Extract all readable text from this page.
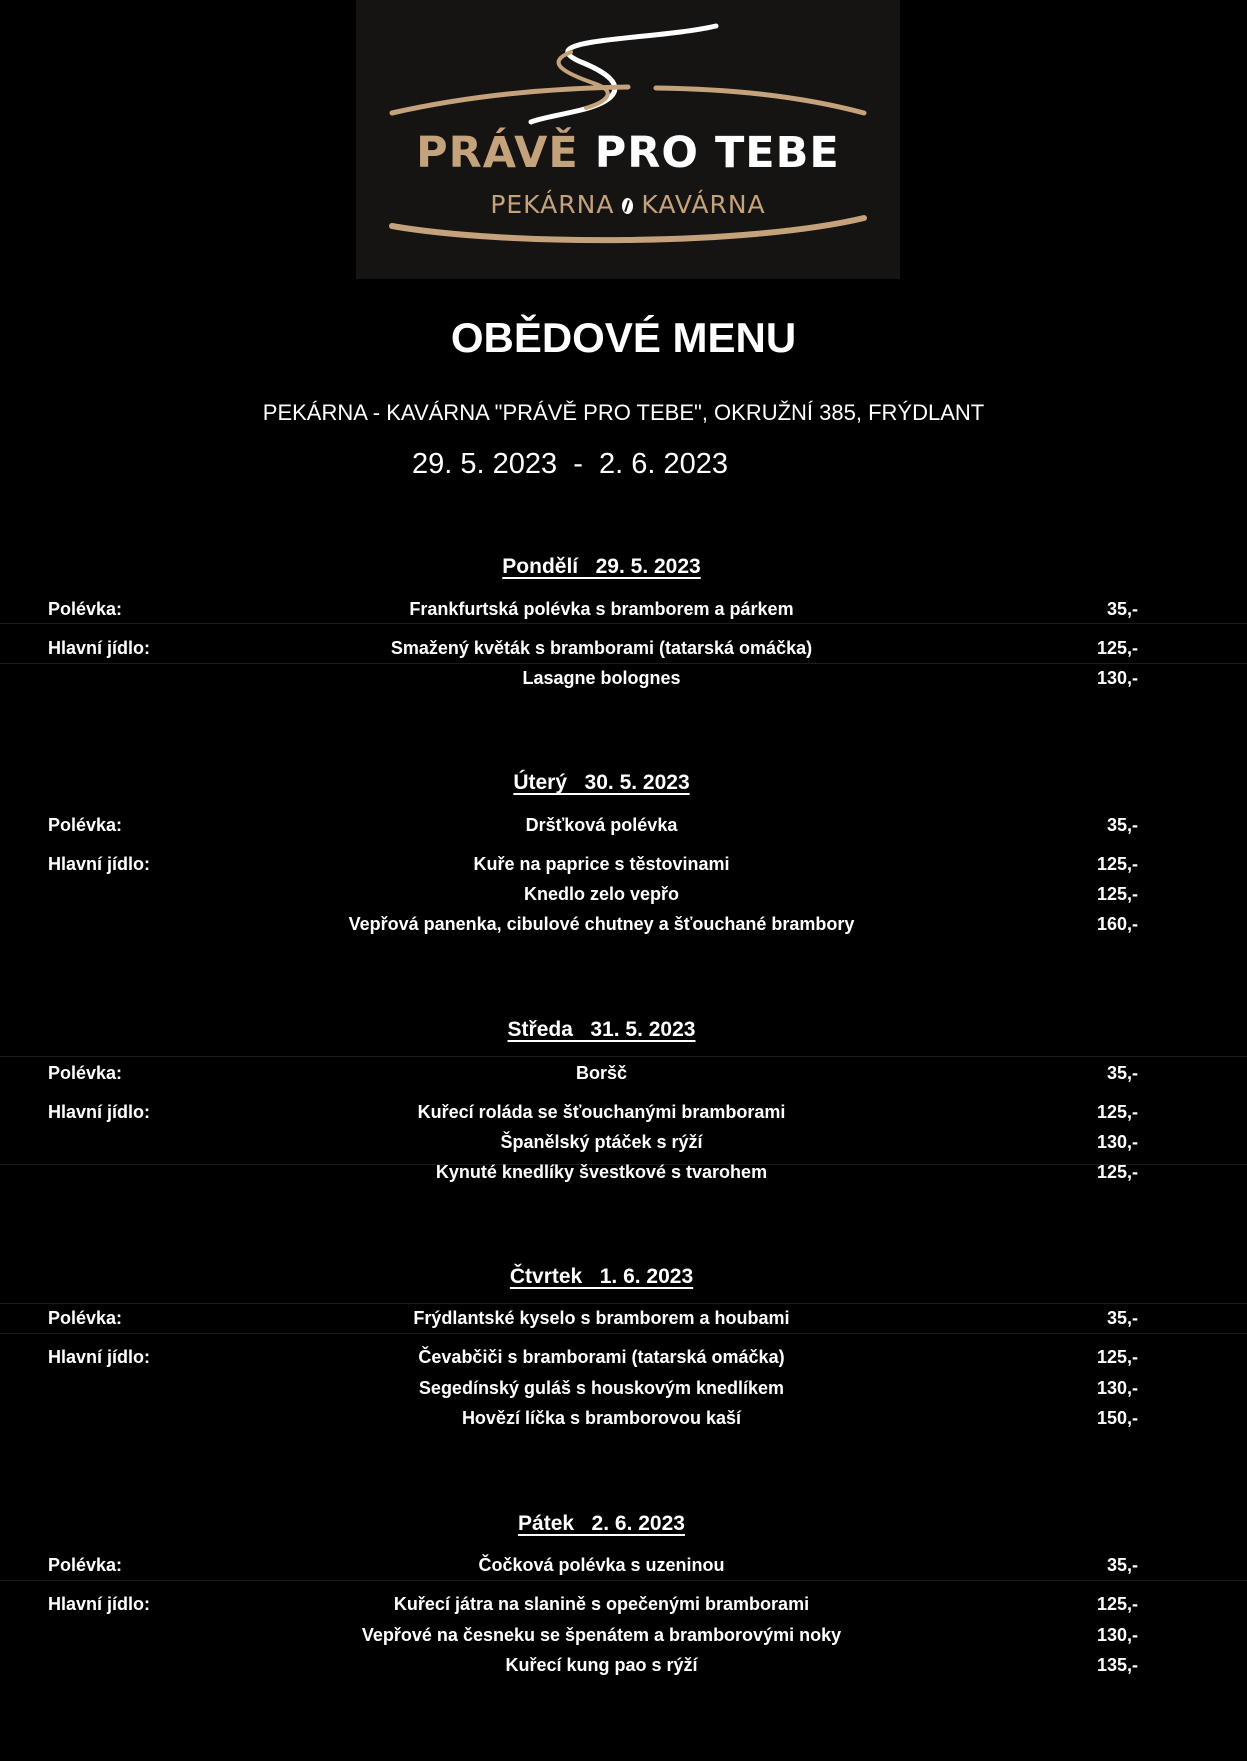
PRÁVĚ PRO TEBE
PEKÁRNA KAVÁRNA
OBĚDOVÉ MENU
PEKÁRNA - KAVÁRNA "PRÁVĚ PRO TEBE", OKRUŽNÍ 385, FRÝDLANT
29. 5. 2023  -  2. 6. 2023
Pondělí   29. 5. 2023
Polévka:	Frankfurtská polévka s bramborem a párkem	35,-
Hlavní jídlo:	Smažený květák s bramborami (tatarská omáčka)	125,-
Lasagne bolognes	130,-
Úterý   30. 5. 2023
Polévka:	Dršťková polévka	35,-
Hlavní jídlo:	Kuře na paprice s těstovinami	125,-
Knedlo zelo vepřo	125,-
Vepřová panenka, cibulové chutney a šťouchané brambory	160,-
Středa   31. 5. 2023
Polévka:	Boršč	35,-
Hlavní jídlo:	Kuřecí roláda se šťouchanými bramborami	125,-
Španělský ptáček s rýží	130,-
Kynuté knedlíky švestkové s tvarohem	125,-
Čtvrtek   1. 6. 2023
Polévka:	Frýdlantské kyselo s bramborem a houbami	35,-
Hlavní jídlo:	Čevabčiči s bramborami (tatarská omáčka)	125,-
Segedínský guláš s houskovým knedlíkem	130,-
Hovězí líčka s bramborovou kaší	150,-
Pátek   2. 6. 2023
Polévka:	Čočková polévka s uzeninou	35,-
Hlavní jídlo:	Kuřecí játra na slanině s opečenými bramborami	125,-
Vepřové na česneku se špenátem a bramborovými noky	130,-
Kuřecí kung pao s rýží	135,-
